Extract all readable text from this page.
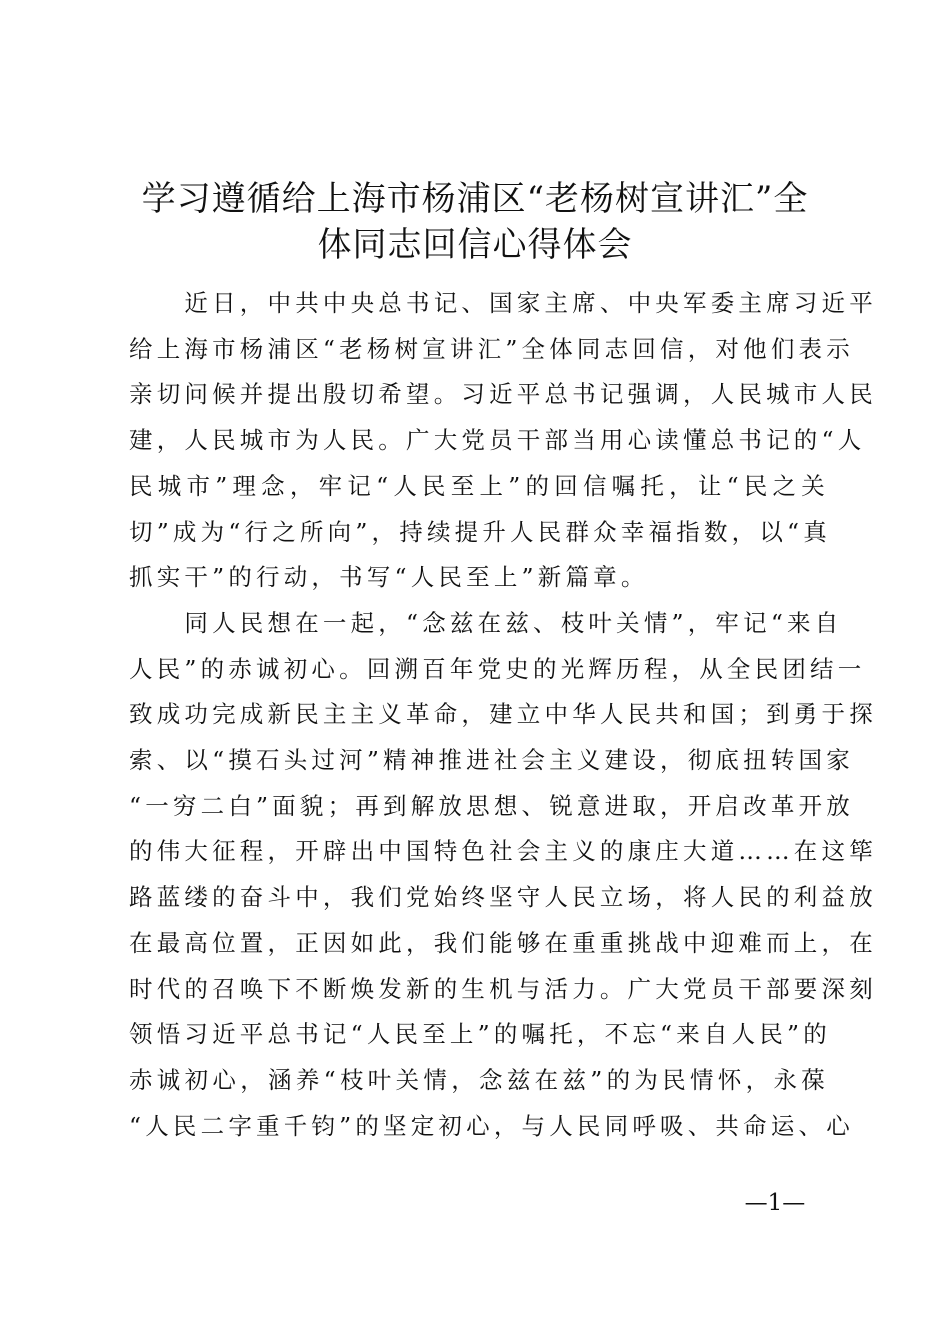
学习遵循给上海市杨浦区“老杨树宣讲汇”全
体同志回信心得体会

　　近日，中共中央总书记、国家主席、中央军委主席习近平
给上海市杨浦区“老杨树宣讲汇”全体同志回信，对他们表示
亲切问候并提出殷切希望。习近平总书记强调，人民城市人民
建，人民城市为人民。广大党员干部当用心读懂总书记的“人
民城市”理念，牢记“人民至上”的回信嘱托，让“民之关
切”成为“行之所向”，持续提升人民群众幸福指数，以“真
抓实干”的行动，书写“人民至上”新篇章。

　　同人民想在一起，“念兹在兹、枝叶关情”，牢记“来自
人民”的赤诚初心。回溯百年党史的光辉历程，从全民团结一
致成功完成新民主主义革命，建立中华人民共和国；到勇于探
索、以“摸石头过河”精神推进社会主义建设，彻底扭转国家
“一穷二白”面貌；再到解放思想、锐意进取，开启改革开放
的伟大征程，开辟出中国特色社会主义的康庄大道……在这筚
路蓝缕的奋斗中，我们党始终坚守人民立场，将人民的利益放
在最高位置，正因如此，我们能够在重重挑战中迎难而上，在
时代的召唤下不断焕发新的生机与活力。广大党员干部要深刻
领悟习近平总书记“人民至上”的嘱托，不忘“来自人民”的
赤诚初心，涵养“枝叶关情，念兹在兹”的为民情怀，永葆
“人民二字重千钧”的坚定初心，与人民同呼吸、共命运、心

—1—
